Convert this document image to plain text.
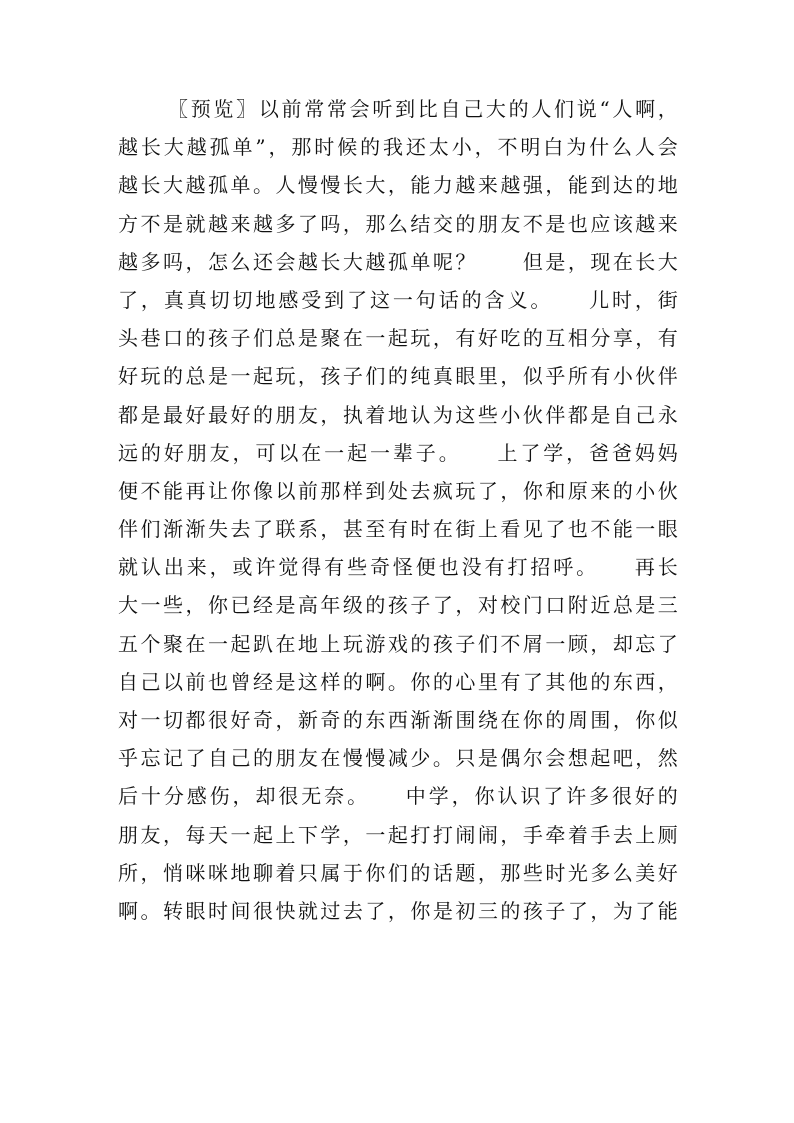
〖预览〗以前常常会听到比自己大的人们说“人啊，
越长大越孤单”，那时候的我还太小，不明白为什么人会
越长大越孤单。人慢慢长大，能力越来越强，能到达的地
方不是就越来越多了吗，那么结交的朋友不是也应该越来
越多吗，怎么还会越长大越孤单呢？　　但是，现在长大
了，真真切切地感受到了这一句话的含义。　　儿时，街
头巷口的孩子们总是聚在一起玩，有好吃的互相分享，有
好玩的总是一起玩，孩子们的纯真眼里，似乎所有小伙伴
都是最好最好的朋友，执着地认为这些小伙伴都是自己永
远的好朋友，可以在一起一辈子。　　上了学，爸爸妈妈
便不能再让你像以前那样到处去疯玩了，你和原来的小伙
伴们渐渐失去了联系，甚至有时在街上看见了也不能一眼
就认出来，或许觉得有些奇怪便也没有打招呼。　　再长
大一些，你已经是高年级的孩子了，对校门口附近总是三
五个聚在一起趴在地上玩游戏的孩子们不屑一顾，却忘了
自己以前也曾经是这样的啊。你的心里有了其他的东西，
对一切都很好奇，新奇的东西渐渐围绕在你的周围，你似
乎忘记了自己的朋友在慢慢减少。只是偶尔会想起吧，然
后十分感伤，却很无奈。　　中学，你认识了许多很好的
朋友，每天一起上下学，一起打打闹闹，手牵着手去上厕
所，悄咪咪地聊着只属于你们的话题，那些时光多么美好
啊。转眼时间很快就过去了，你是初三的孩子了，为了能
